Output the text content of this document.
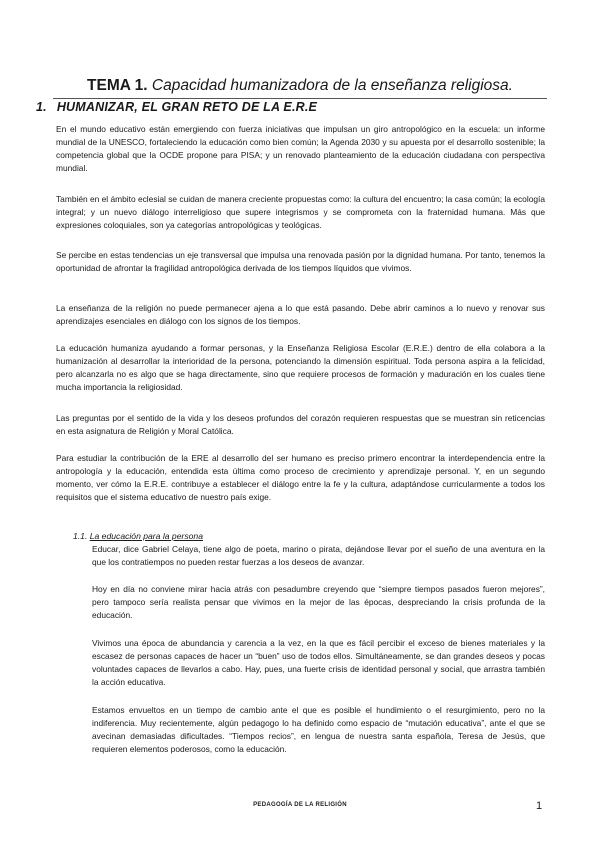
TEMA 1. Capacidad humanizadora de la enseñanza religiosa.
1. HUMANIZAR, EL GRAN RETO DE LA E.R.E

En el mundo educativo están emergiendo con fuerza iniciativas que impulsan un giro antropológico en la escuela: un informe mundial de la UNESCO, fortaleciendo la educación como bien común; la Agenda 2030 y su apuesta por el desarrollo sostenible; la competencia global que la OCDE propone para PISA; y un renovado planteamiento de la educación ciudadana con perspectiva mundial.

También en el ámbito eclesial se cuidan de manera creciente propuestas como: la cultura del encuentro; la casa común; la ecología integral; y un nuevo diálogo interreligioso que supere integrismos y se comprometa con la fraternidad humana. Más que expresiones coloquiales, son ya categorías antropológicas y teológicas.

Se percibe en estas tendencias un eje transversal que impulsa una renovada pasión por la dignidad humana. Por tanto, tenemos la oportunidad de afrontar la fragilidad antropológica derivada de los tiempos líquidos que vivimos.

La enseñanza de la religión no puede permanecer ajena a lo que está pasando. Debe abrir caminos a lo nuevo y renovar sus aprendizajes esenciales en diálogo con los signos de los tiempos.

La educación humaniza ayudando a formar personas, y la Enseñanza Religiosa Escolar (E.R.E.) dentro de ella colabora a la humanización al desarrollar la interioridad de la persona, potenciando la dimensión espiritual. Toda persona aspira a la felicidad, pero alcanzarla no es algo que se haga directamente, sino que requiere procesos de formación y maduración en los cuales tiene mucha importancia la religiosidad.

Las preguntas por el sentido de la vida y los deseos profundos del corazón requieren respuestas que se muestran sin reticencias en esta asignatura de Religión y Moral Católica.

Para estudiar la contribución de la ERE al desarrollo del ser humano es preciso primero encontrar la interdependencia entre la antropología y la educación, entendida esta última como proceso de crecimiento y aprendizaje personal. Y, en un segundo momento, ver cómo la E.R.E. contribuye a establecer el diálogo entre la fe y la cultura, adaptándose curricularmente a todos los requisitos que el sistema educativo de nuestro país exige.

1.1. La educación para la persona

Educar, dice Gabriel Celaya, tiene algo de poeta, marino o pirata, dejándose llevar por el sueño de una aventura en la que los contratiempos no pueden restar fuerzas a los deseos de avanzar.

Hoy en día no conviene mirar hacia atrás con pesadumbre creyendo que “siempre tiempos pasados fueron mejores”, pero tampoco sería realista pensar que vivimos en la mejor de las épocas, despreciando la crisis profunda de la educación.

Vivimos una época de abundancia y carencia a la vez, en la que es fácil percibir el exceso de bienes materiales y la escasez de personas capaces de hacer un “buen” uso de todos ellos. Simultáneamente, se dan grandes deseos y pocas voluntades capaces de llevarlos a cabo. Hay, pues, una fuerte crisis de identidad personal y social, que arrastra también la acción educativa.

Estamos envueltos en un tiempo de cambio ante el que es posible el hundimiento o el resurgimiento, pero no la indiferencia. Muy recientemente, algún pedagogo lo ha definido como espacio de “mutación educativa”, ante el que se avecinan demasiadas dificultades. “Tiempos recios”, en lengua de nuestra santa española, Teresa de Jesús, que requieren elementos poderosos, como la educación.

PEDAGOGÍA DE LA RELIGIÓN	1
